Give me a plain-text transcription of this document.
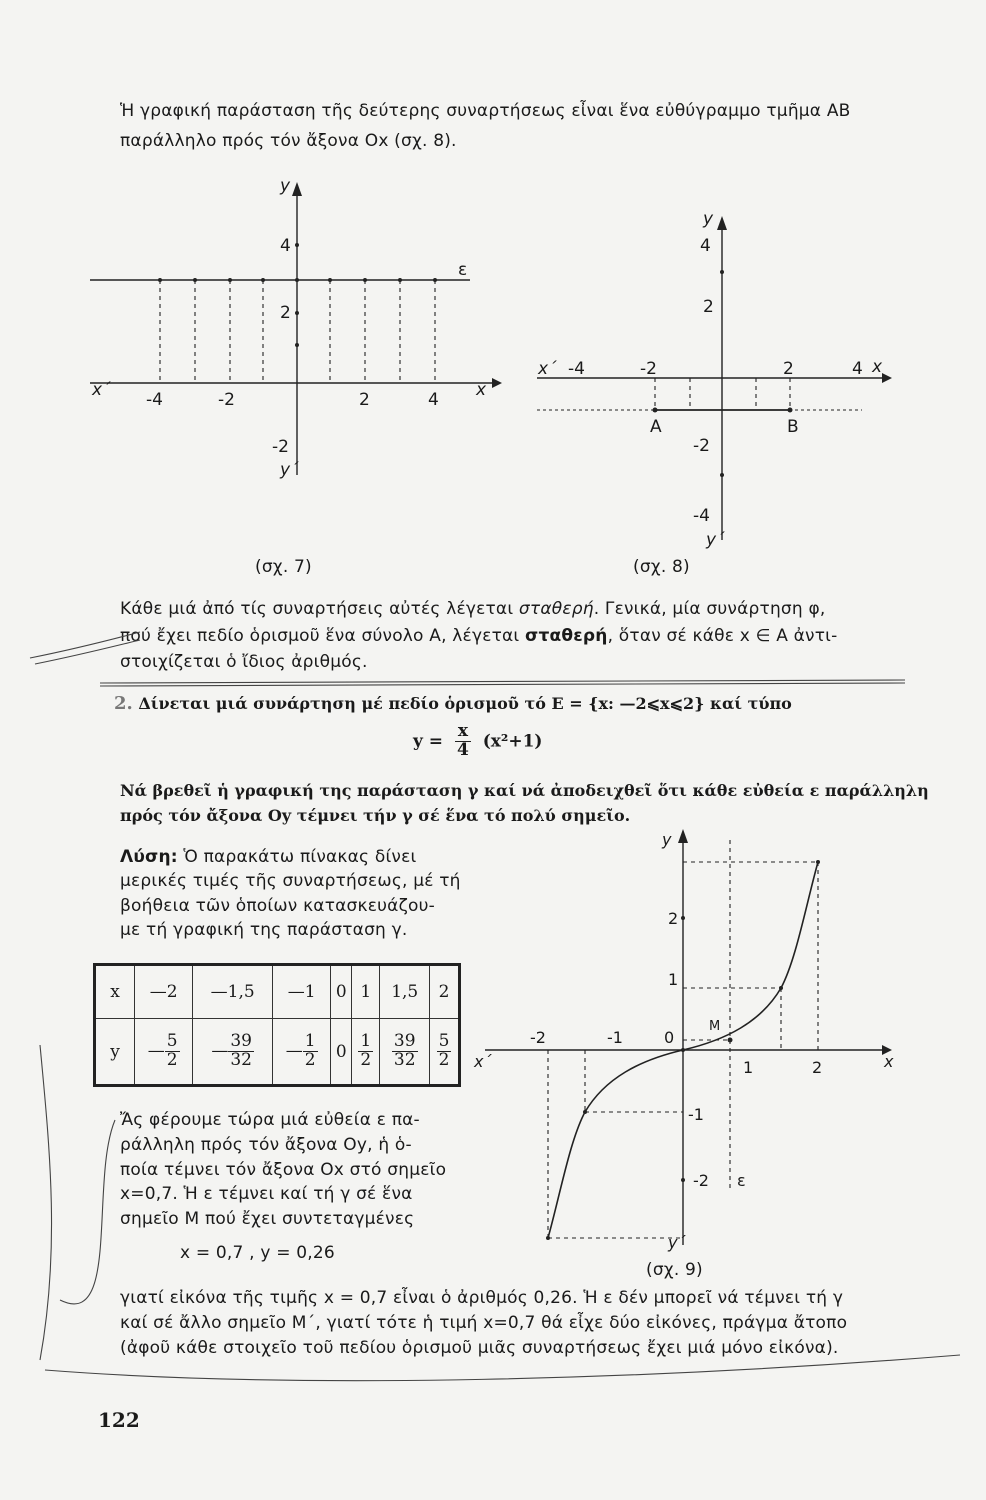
Ἡ γραφική παράσταση τῆς δεύτερης συναρτήσεως εἶναι ἕνα εὐθύγραμμο τμῆμα ΑΒ
παράλληλο πρός τόν ἄξονα Οx (σχ. 8).
-4	-2	2	4
4
2
-2
x
x΄
y
y΄
ε
(σχ. 7)
-4	-2	2	4
4
2
-2
-4
x
x΄
y
y΄
Α	Β
(σχ. 8)
Κάθε μιά ἀπό τίς συναρτήσεις αὐτές λέγεται σταθερή. Γενικά, μία συνάρτηση φ,
πού ἔχει πεδίο ὁρισμοῦ ἕνα σύνολο Α, λέγεται σταθερή, ὅταν σέ κάθε x ∈ A ἀντι-
στοιχίζεται ὁ ἴδιος ἀριθμός.
2. Δίνεται μιά συνάρτηση μέ πεδίο ὁρισμοῦ τό Ε = {x: —2⩽x⩽2} καί τύπο
$y = \frac{x}{4} (x^2+1)$
Νά βρεθεῖ ἡ γραφική της παράσταση γ καί νά ἀποδειχθεῖ ὅτι κάθε εὐθεία ε παράλληλη
πρός τόν ἄξονα Οy τέμνει τήν γ σέ ἕνα τό πολύ σημεῖο.
Λύση: Ὁ παρακάτω πίνακας δίνει
μερικές τιμές τῆς συναρτήσεως, μέ τή
βοήθεια τῶν ὁποίων κατασκευάζου-
με τή γραφική της παράσταση γ.
x	—2	—1,5	—1	0	1	1,5	2
y	— $\frac{5}{2}$	— $\frac{39}{32}$	— $\frac{1}{2}$	0	$\frac{1}{2}$	$\frac{39}{32}$	$\frac{5}{2}$
Ἄς φέρουμε τώρα μιά εὐθεία ε πα-
ράλληλη πρός τόν ἄξονα Οy, ἡ ὁ-
ποία τέμνει τόν ἄξονα Οx στό σημεῖο
x=0,7. Ἡ ε τέμνει καί τή γ σέ ἕνα
σημεῖο Μ πού ἔχει συντεταγμένες
x = 0,7 , y = 0,26
γιατί εἰκόνα τῆς τιμῆς x = 0,7 εἶναι ὁ ἀριθμός 0,26. Ἡ ε δέν μπορεῖ νά τέμνει τή γ
καί σέ ἄλλο σημεῖο Μ΄, γιατί τότε ἡ τιμή x=0,7 θά εἶχε δύο εἰκόνες, πράγμα ἄτοπο
(ἀφοῦ κάθε στοιχεῖο τοῦ πεδίου ὁρισμοῦ μιᾶς συναρτήσεως ἔχει μιά μόνο εἰκόνα).
-2	-1	0
1	2
2
1
-1
-2
x
x΄
y
y΄
M
ε
(σχ. 9)
122
